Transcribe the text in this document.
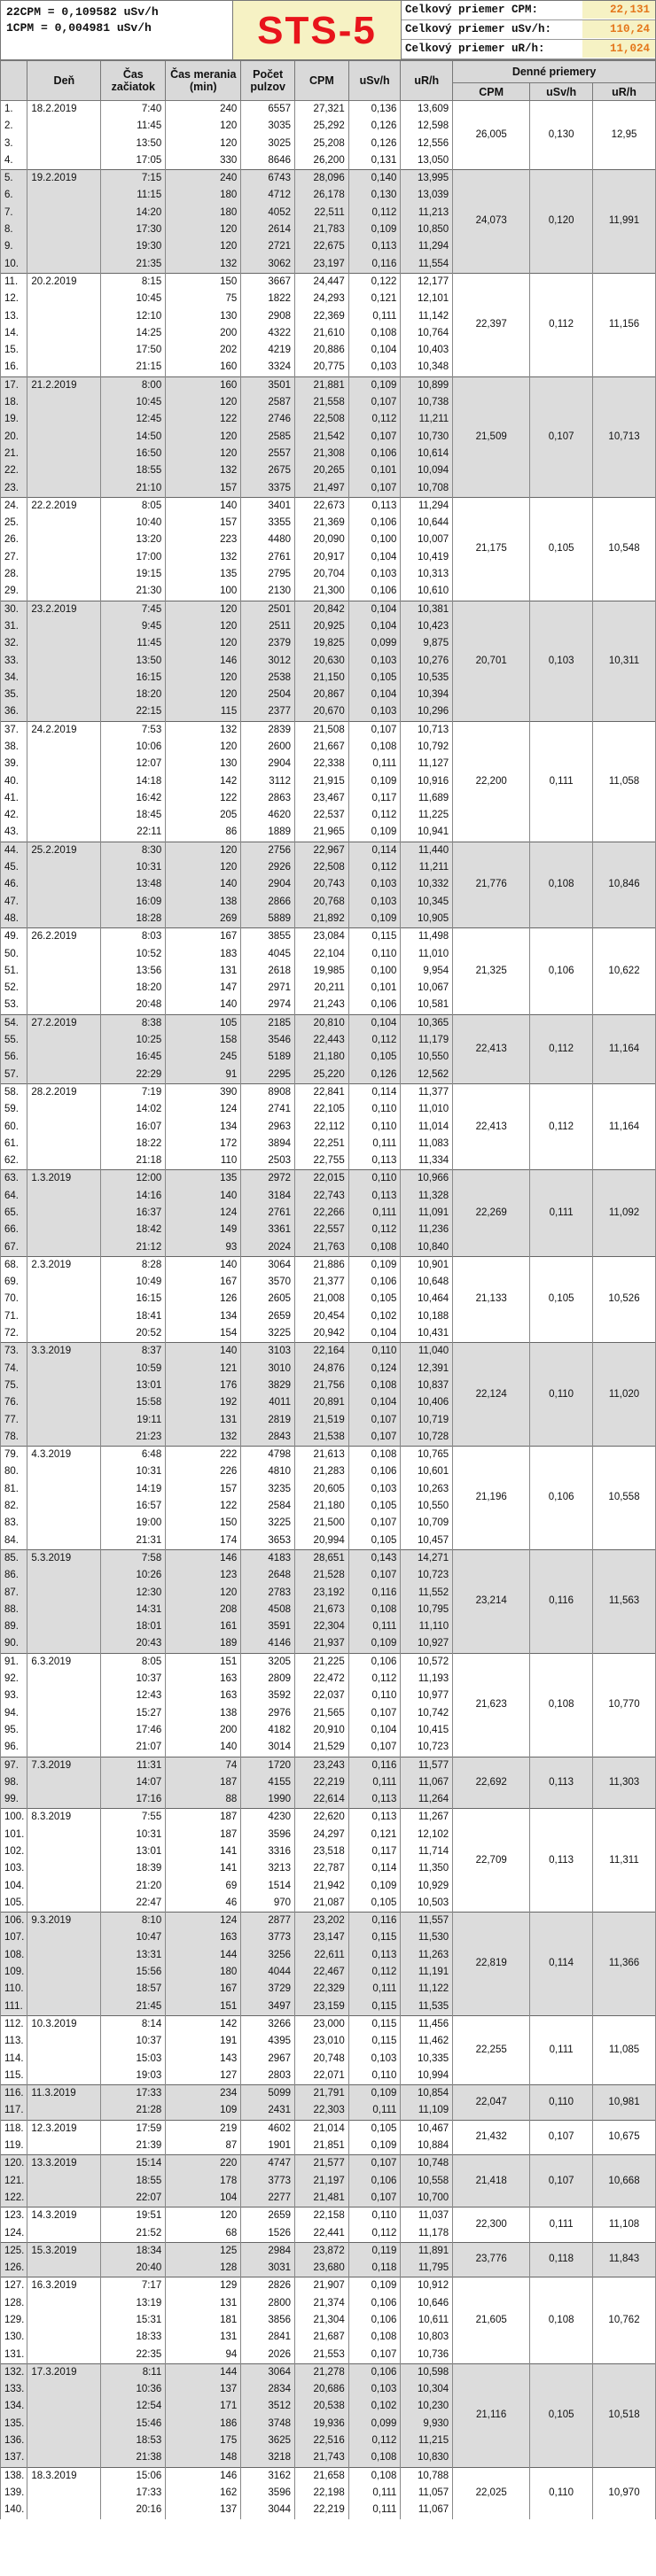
22CPM = 0,109582 uSv/h
1CPM = 0,004981 uSv/h	STS-5	Celkový priemer CPM:	22,131
Celkový priemer uSv/h:	110,24
Celkový priemer uR/h:	11,024
	Deň	Čas začiatok	Čas merania (min)	Počet pulzov	CPM	uSv/h	uR/h	Denné priemery		
								CPM	uSv/h	uR/h
1.	18.2.2019	7:40	240	6557	27,321	0,136	13,609	26,005	0,130	12,95
2.		11:45	120	3035	25,292	0,126	12,598			
3.		13:50	120	3025	25,208	0,126	12,556			
4.		17:05	330	8646	26,200	0,131	13,050			
5.	19.2.2019	7:15	240	6743	28,096	0,140	13,995	24,073	0,120	11,991
6.		11:15	180	4712	26,178	0,130	13,039			
7.		14:20	180	4052	22,511	0,112	11,213			
8.		17:30	120	2614	21,783	0,109	10,850			
9.		19:30	120	2721	22,675	0,113	11,294			
10.		21:35	132	3062	23,197	0,116	11,554			
11.	20.2.2019	8:15	150	3667	24,447	0,122	12,177	22,397	0,112	11,156
12.		10:45	75	1822	24,293	0,121	12,101			
13.		12:10	130	2908	22,369	0,111	11,142			
14.		14:25	200	4322	21,610	0,108	10,764			
15.		17:50	202	4219	20,886	0,104	10,403			
16.		21:15	160	3324	20,775	0,103	10,348			
17.	21.2.2019	8:00	160	3501	21,881	0,109	10,899	21,509	0,107	10,713
18.		10:45	120	2587	21,558	0,107	10,738			
19.		12:45	122	2746	22,508	0,112	11,211			
20.		14:50	120	2585	21,542	0,107	10,730			
21.		16:50	120	2557	21,308	0,106	10,614			
22.		18:55	132	2675	20,265	0,101	10,094			
23.		21:10	157	3375	21,497	0,107	10,708			
24.	22.2.2019	8:05	140	3401	22,673	0,113	11,294	21,175	0,105	10,548
25.		10:40	157	3355	21,369	0,106	10,644			
26.		13:20	223	4480	20,090	0,100	10,007			
27.		17:00	132	2761	20,917	0,104	10,419			
28.		19:15	135	2795	20,704	0,103	10,313			
29.		21:30	100	2130	21,300	0,106	10,610			
30.	23.2.2019	7:45	120	2501	20,842	0,104	10,381	20,701	0,103	10,311
31.		9:45	120	2511	20,925	0,104	10,423			
32.		11:45	120	2379	19,825	0,099	9,875			
33.		13:50	146	3012	20,630	0,103	10,276			
34.		16:15	120	2538	21,150	0,105	10,535			
35.		18:20	120	2504	20,867	0,104	10,394			
36.		22:15	115	2377	20,670	0,103	10,296			
37.	24.2.2019	7:53	132	2839	21,508	0,107	10,713	22,200	0,111	11,058
38.		10:06	120	2600	21,667	0,108	10,792			
39.		12:07	130	2904	22,338	0,111	11,127			
40.		14:18	142	3112	21,915	0,109	10,916			
41.		16:42	122	2863	23,467	0,117	11,689			
42.		18:45	205	4620	22,537	0,112	11,225			
43.		22:11	86	1889	21,965	0,109	10,941			
44.	25.2.2019	8:30	120	2756	22,967	0,114	11,440	21,776	0,108	10,846
45.		10:31	120	2926	22,508	0,112	11,211			
46.		13:48	140	2904	20,743	0,103	10,332			
47.		16:09	138	2866	20,768	0,103	10,345			
48.		18:28	269	5889	21,892	0,109	10,905			
49.	26.2.2019	8:03	167	3855	23,084	0,115	11,498	21,325	0,106	10,622
50.		10:52	183	4045	22,104	0,110	11,010			
51.		13:56	131	2618	19,985	0,100	9,954			
52.		18:20	147	2971	20,211	0,101	10,067			
53.		20:48	140	2974	21,243	0,106	10,581			
54.	27.2.2019	8:38	105	2185	20,810	0,104	10,365	22,413	0,112	11,164
55.		10:25	158	3546	22,443	0,112	11,179			
56.		16:45	245	5189	21,180	0,105	10,550			
57.		22:29	91	2295	25,220	0,126	12,562			
58.	28.2.2019	7:19	390	8908	22,841	0,114	11,377	22,413	0,112	11,164
59.		14:02	124	2741	22,105	0,110	11,010			
60.		16:07	134	2963	22,112	0,110	11,014			
61.		18:22	172	3894	22,251	0,111	11,083			
62.		21:18	110	2503	22,755	0,113	11,334			
63.	1.3.2019	12:00	135	2972	22,015	0,110	10,966	22,269	0,111	11,092
64.		14:16	140	3184	22,743	0,113	11,328			
65.		16:37	124	2761	22,266	0,111	11,091			
66.		18:42	149	3361	22,557	0,112	11,236			
67.		21:12	93	2024	21,763	0,108	10,840			
68.	2.3.2019	8:28	140	3064	21,886	0,109	10,901	21,133	0,105	10,526
69.		10:49	167	3570	21,377	0,106	10,648			
70.		16:15	126	2605	21,008	0,105	10,464			
71.		18:41	134	2659	20,454	0,102	10,188			
72.		20:52	154	3225	20,942	0,104	10,431			
73.	3.3.2019	8:37	140	3103	22,164	0,110	11,040	22,124	0,110	11,020
74.		10:59	121	3010	24,876	0,124	12,391			
75.		13:01	176	3829	21,756	0,108	10,837			
76.		15:58	192	4011	20,891	0,104	10,406			
77.		19:11	131	2819	21,519	0,107	10,719			
78.		21:23	132	2843	21,538	0,107	10,728			
79.	4.3.2019	6:48	222	4798	21,613	0,108	10,765	21,196	0,106	10,558
80.		10:31	226	4810	21,283	0,106	10,601			
81.		14:19	157	3235	20,605	0,103	10,263			
82.		16:57	122	2584	21,180	0,105	10,550			
83.		19:00	150	3225	21,500	0,107	10,709			
84.		21:31	174	3653	20,994	0,105	10,457			
85.	5.3.2019	7:58	146	4183	28,651	0,143	14,271	23,214	0,116	11,563
86.		10:26	123	2648	21,528	0,107	10,723			
87.		12:30	120	2783	23,192	0,116	11,552			
88.		14:31	208	4508	21,673	0,108	10,795			
89.		18:01	161	3591	22,304	0,111	11,110			
90.		20:43	189	4146	21,937	0,109	10,927			
91.	6.3.2019	8:05	151	3205	21,225	0,106	10,572	21,623	0,108	10,770
92.		10:37	163	2809	22,472	0,112	11,193			
93.		12:43	163	3592	22,037	0,110	10,977			
94.		15:27	138	2976	21,565	0,107	10,742			
95.		17:46	200	4182	20,910	0,104	10,415			
96.		21:07	140	3014	21,529	0,107	10,723			
97.	7.3.2019	11:31	74	1720	23,243	0,116	11,577	22,692	0,113	11,303
98.		14:07	187	4155	22,219	0,111	11,067			
99.		17:16	88	1990	22,614	0,113	11,264			
100.	8.3.2019	7:55	187	4230	22,620	0,113	11,267	22,709	0,113	11,311
101.		10:31	187	3596	24,297	0,121	12,102			
102.		13:01	141	3316	23,518	0,117	11,714			
103.		18:39	141	3213	22,787	0,114	11,350			
104.		21:20	69	1514	21,942	0,109	10,929			
105.		22:47	46	970	21,087	0,105	10,503			
106.	9.3.2019	8:10	124	2877	23,202	0,116	11,557	22,819	0,114	11,366
107.		10:47	163	3773	23,147	0,115	11,530			
108.		13:31	144	3256	22,611	0,113	11,263			
109.		15:56	180	4044	22,467	0,112	11,191			
110.		18:57	167	3729	22,329	0,111	11,122			
111.		21:45	151	3497	23,159	0,115	11,535			
112.	10.3.2019	8:14	142	3266	23,000	0,115	11,456	22,255	0,111	11,085
113.		10:37	191	4395	23,010	0,115	11,462			
114.		15:03	143	2967	20,748	0,103	10,335			
115.		19:03	127	2803	22,071	0,110	10,994			
116.	11.3.2019	17:33	234	5099	21,791	0,109	10,854	22,047	0,110	10,981
117.		21:28	109	2431	22,303	0,111	11,109			
118.	12.3.2019	17:59	219	4602	21,014	0,105	10,467	21,432	0,107	10,675
119.		21:39	87	1901	21,851	0,109	10,884			
120.	13.3.2019	15:14	220	4747	21,577	0,107	10,748	21,418	0,107	10,668
121.		18:55	178	3773	21,197	0,106	10,558			
122.		22:07	104	2277	21,481	0,107	10,700			
123.	14.3.2019	19:51	120	2659	22,158	0,110	11,037	22,300	0,111	11,108
124.		21:52	68	1526	22,441	0,112	11,178			
125.	15.3.2019	18:34	125	2984	23,872	0,119	11,891	23,776	0,118	11,843
126.		20:40	128	3031	23,680	0,118	11,795			
127.	16.3.2019	7:17	129	2826	21,907	0,109	10,912	21,605	0,108	10,762
128.		13:19	131	2800	21,374	0,106	10,646			
129.		15:31	181	3856	21,304	0,106	10,611			
130.		18:33	131	2841	21,687	0,108	10,803			
131.		22:35	94	2026	21,553	0,107	10,736			
132.	17.3.2019	8:11	144	3064	21,278	0,106	10,598	21,116	0,105	10,518
133.		10:36	137	2834	20,686	0,103	10,304			
134.		12:54	171	3512	20,538	0,102	10,230			
135.		15:46	186	3748	19,936	0,099	9,930			
136.		18:53	175	3625	22,516	0,112	11,215			
137.		21:38	148	3218	21,743	0,108	10,830			
138.	18.3.2019	15:06	146	3162	21,658	0,108	10,788	22,025	0,110	10,970
139.		17:33	162	3596	22,198	0,111	11,057			
140.		20:16	137	3044	22,219	0,111	11,067			
